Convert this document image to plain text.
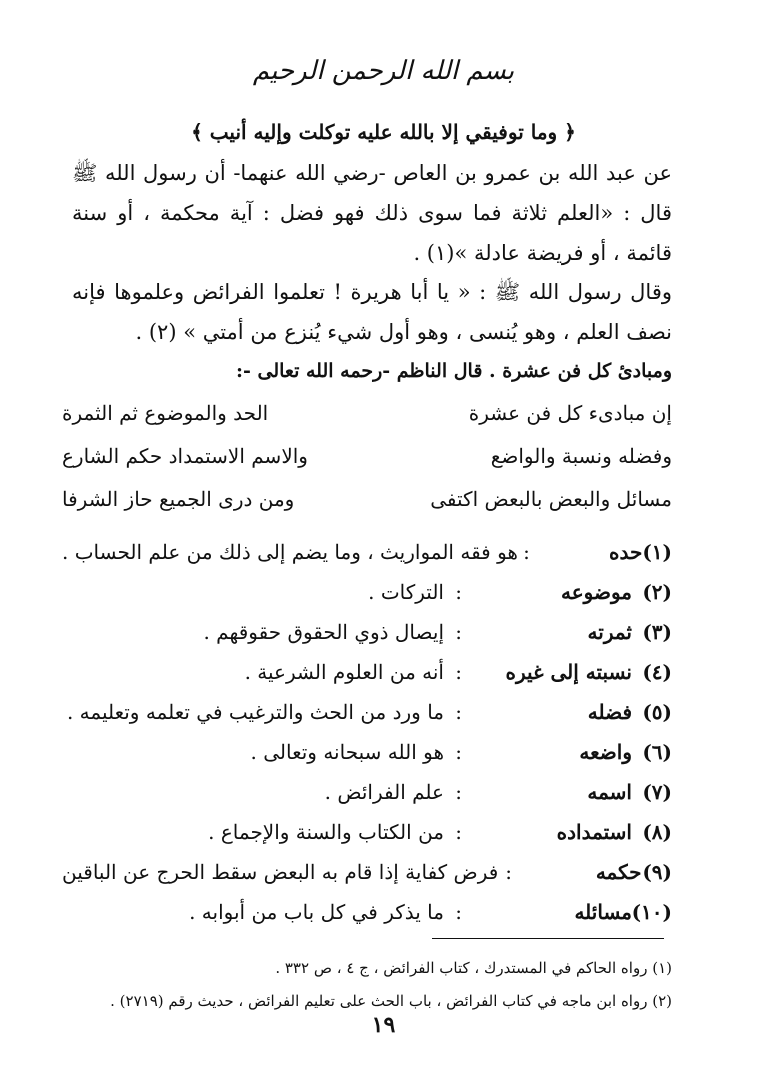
بسم الله الرحمن الرحيم
﴿ وما توفيقي إلا بالله عليه توكلت وإليه أنيب ﴾
عن عبد الله بن عمرو بن العاص -رضي الله عنهما- أن رسول الله ﷺ قال : «العلم ثلاثة فما سوى ذلك فهو فضل : آية محكمة ، أو سنة قائمة ، أو فريضة عادلة »(١) .
وقال رسول الله ﷺ : « يا أبا هريرة ! تعلموا الفرائض وعلموها فإنه نصف العلم ، وهو يُنسى ، وهو أول شيء يُنزع من أمتي » (٢) .
ومبادئ كل فن عشرة . قال الناظم -رحمه الله تعالى -:
إن مبادىء كل فن عشرة
الحد والموضوع ثم الثمرة
وفضله ونسبة والواضع
والاسم الاستمداد حكم الشارع
مسائل والبعض بالبعض اكتفى
ومن درى الجميع حاز الشرفا
(١)
حده
:
هو فقه المواريث ، وما يضم إلى ذلك من علم الحساب .
(٢)
موضوعه
:
التركات .
(٣)
ثمرته
:
إيصال ذوي الحقوق حقوقهم .
(٤)
نسبته إلى غيره
:
أنه من العلوم الشرعية .
(٥)
فضله
:
ما ورد من الحث والترغيب في تعلمه وتعليمه .
(٦)
واضعه
:
هو الله سبحانه وتعالى .
(٧)
اسمه
:
علم الفرائض .
(٨)
استمداده
:
من الكتاب والسنة والإجماع .
(٩)
حكمه
:
فرض كفاية إذا قام به البعض سقط الحرج عن الباقين
(١٠)
مسائله
:
ما يذكر في كل باب من أبوابه .
(١) رواه الحاكم في المستدرك ، كتاب الفرائض ، ج ٤ ، ص ٣٣٢ .
(٢) رواه ابن ماجه في كتاب الفرائض ، باب الحث على تعليم الفرائض ، حديث رقم (٢٧١٩) .
١٩
